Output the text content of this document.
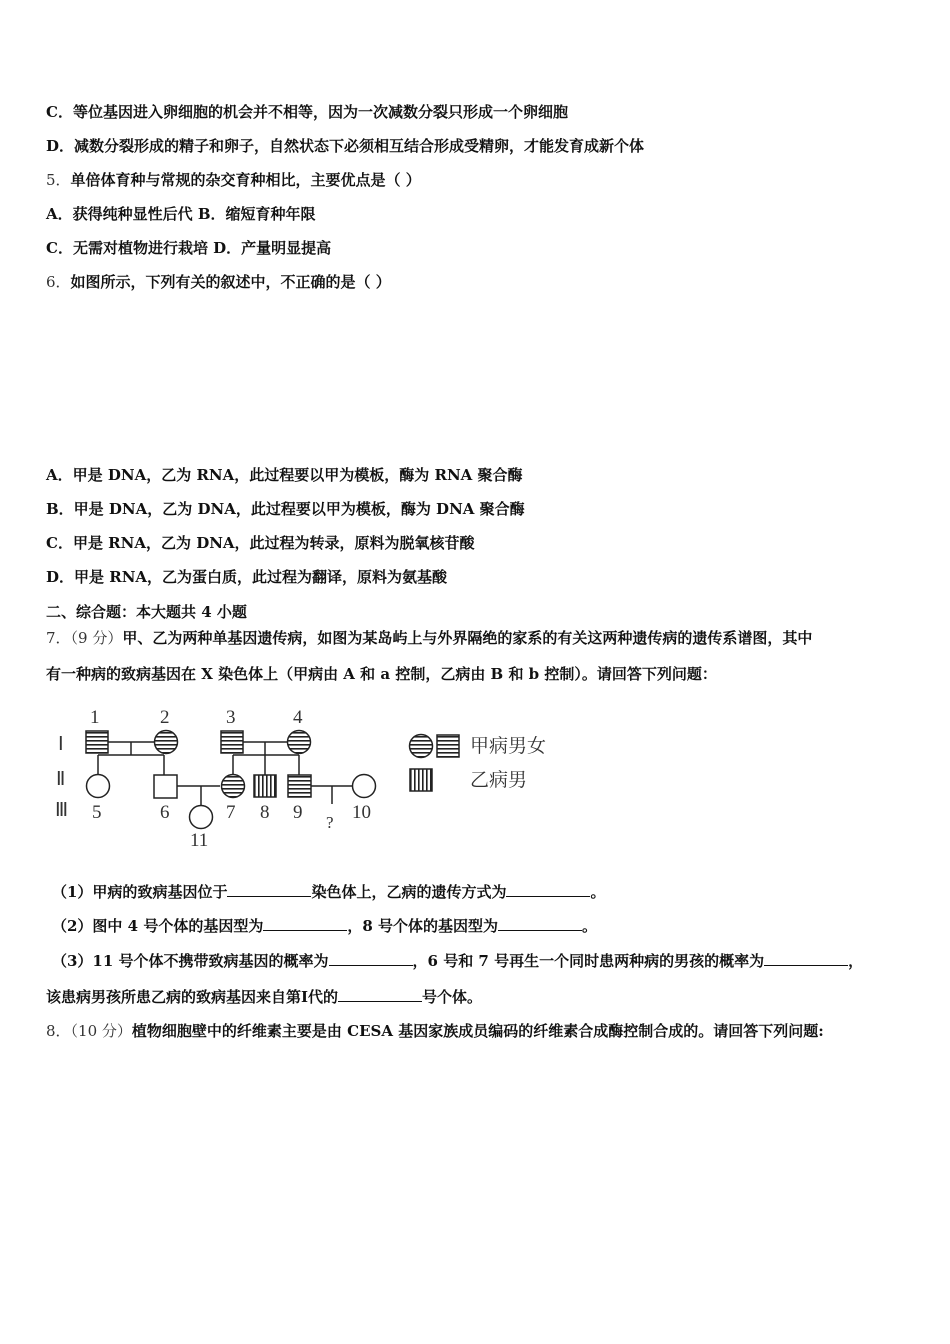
C．等位基因进入卵细胞的机会并不相等，因为一次减数分裂只形成一个卵细胞
D．减数分裂形成的精子和卵子，自然状态下必须相互结合形成受精卵，才能发育成新个体
5．单倍体育种与常规的杂交育种相比，主要优点是（ ）
A．获得纯种显性后代 B．缩短育种年限
C．无需对植物进行栽培 D．产量明显提高
6．如图所示，下列有关的叙述中，不正确的是（ ）
A．甲是 DNA，乙为 RNA，此过程要以甲为模板，酶为 RNA 聚合酶
B．甲是 DNA，乙为 DNA，此过程要以甲为模板，酶为 DNA 聚合酶
C．甲是 RNA，乙为 DNA，此过程为转录，原料为脱氧核苷酸
D．甲是 RNA，乙为蛋白质，此过程为翻译，原料为氨基酸
二、综合题：本大题共 4 小题
7．（9 分）甲、乙为两种单基因遗传病，如图为某岛屿上与外界隔绝的家系的有关这两种遗传病的遗传系谱图，其中
有一种病的致病基因在 X 染色体上（甲病由 A 和 a 控制，乙病由 B 和 b 控制）。请回答下列问题：
Ⅰ
Ⅱ
Ⅲ
1	2	3	4
5	6	7 8 9	10
11
?
甲病男女
乙病男
（1）甲病的致病基因位于	染色体上，乙病的遗传方式为	。
（2）图中 4 号个体的基因型为	，8 号个体的基因型为	。
（3）11 号个体不携带致病基因的概率为	，6 号和 7 号再生一个同时患两种病的男孩的概率为	，
该患病男孩所患乙病的致病基因来自第Ⅰ代的	号个体。
8．（10 分）植物细胞壁中的纤维素主要是由 CESA 基因家族成员编码的纤维素合成酶控制合成的。请回答下列问题:
